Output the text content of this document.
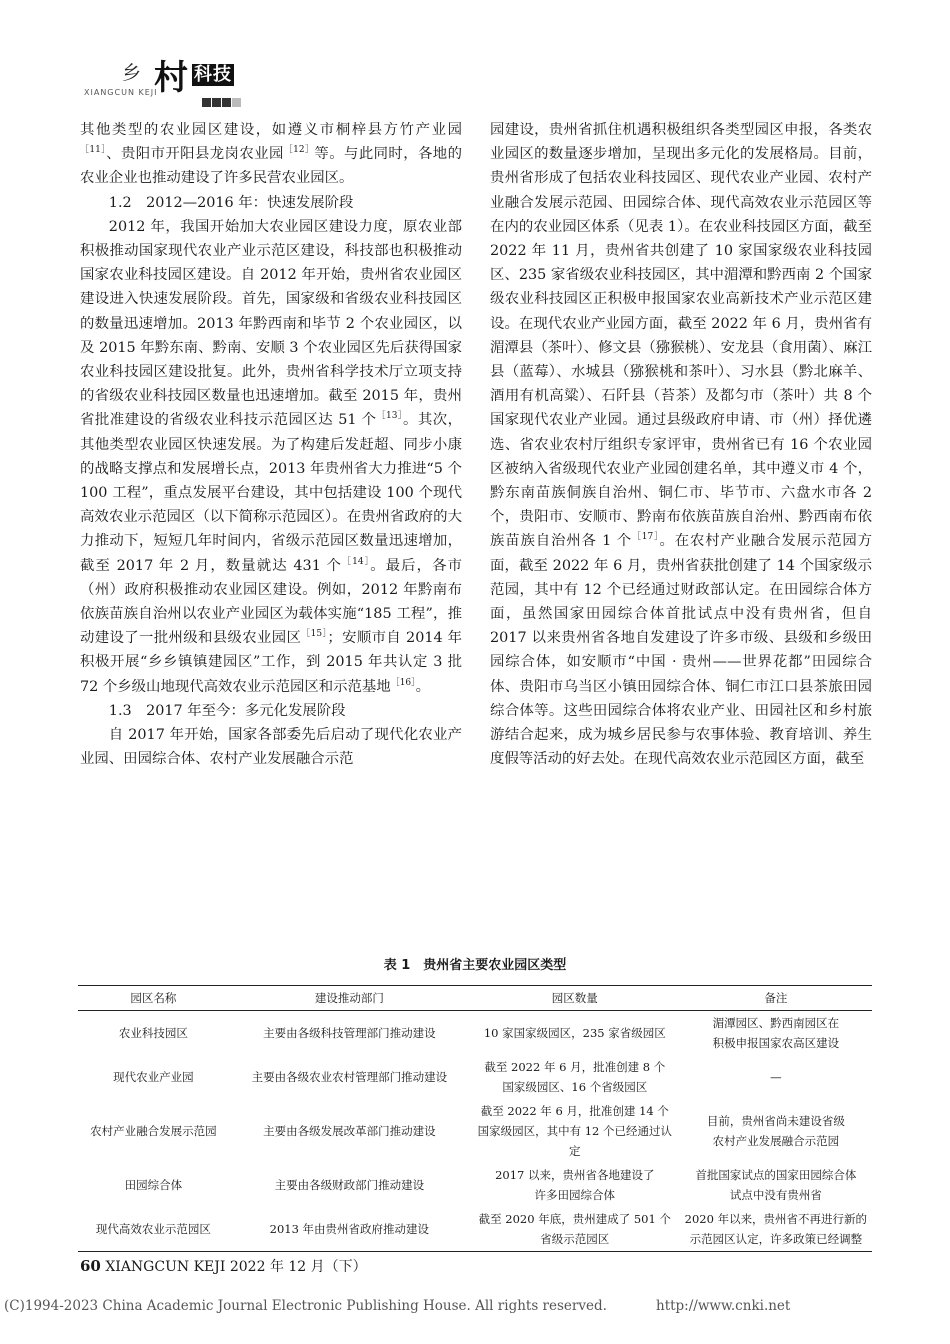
乡 村 科技
XIANGCUN KEJI

其他类型的农业园区建设，如遵义市桐梓县方竹产业园$^{[11]}$、贵阳市开阳县龙岗农业园$^{[12]}$等。与此同时，各地的农业企业也推动建设了许多民营农业园区。

1.2　2012—2016 年：快速发展阶段

2012 年，我国开始加大农业园区建设力度，原农业部积极推动国家现代农业产业示范区建设，科技部也积极推动国家农业科技园区建设。自 2012 年开始，贵州省农业园区建设进入快速发展阶段。首先，国家级和省级农业科技园区的数量迅速增加。2013 年黔西南和毕节 2 个农业园区，以及 2015 年黔东南、黔南、安顺 3 个农业园区先后获得国家农业科技园区建设批复。此外，贵州省科学技术厅立项支持的省级农业科技园区数量也迅速增加。截至 2015 年，贵州省批准建设的省级农业科技示范园区达 51 个$^{[13]}$。其次，其他类型农业园区快速发展。为了构建后发赶超、同步小康的战略支撑点和发展增长点，2013 年贵州省大力推进“5 个 100 工程”，重点发展平台建设，其中包括建设 100 个现代高效农业示范园区（以下简称示范园区）。在贵州省政府的大力推动下，短短几年时间内，省级示范园区数量迅速增加，截至 2017 年 2 月，数量就达 431 个$^{[14]}$。最后，各市（州）政府积极推动农业园区建设。例如，2012 年黔南布依族苗族自治州以农业产业园区为载体实施“185 工程”，推动建设了一批州级和县级农业园区$^{[15]}$；安顺市自 2014 年积极开展“乡乡镇镇建园区”工作，到 2015 年共认定 3 批 72 个乡级山地现代高效农业示范园区和示范基地$^{[16]}$。

1.3　2017 年至今：多元化发展阶段

自 2017 年开始，国家各部委先后启动了现代化农业产业园、田园综合体、农村产业发展融合示范

园建设，贵州省抓住机遇积极组织各类型园区申报，各类农业园区的数量逐步增加，呈现出多元化的发展格局。目前，贵州省形成了包括农业科技园区、现代农业产业园、农村产业融合发展示范园、田园综合体、现代高效农业示范园区等在内的农业园区体系（见表 1）。在农业科技园区方面，截至 2022 年 11 月，贵州省共创建了 10 家国家级农业科技园区、235 家省级农业科技园区，其中湄潭和黔西南 2 个国家级农业科技园区正积极申报国家农业高新技术产业示范区建设。在现代农业产业园方面，截至 2022 年 6 月，贵州省有湄潭县（茶叶）、修文县（猕猴桃）、安龙县（食用菌）、麻江县（蓝莓）、水城县（猕猴桃和茶叶）、习水县（黔北麻羊、酒用有机高粱）、石阡县（苔茶）及都匀市（茶叶）共 8 个国家现代农业产业园。通过县级政府申请、市（州）择优遴选、省农业农村厅组织专家评审，贵州省已有 16 个农业园区被纳入省级现代农业产业园创建名单，其中遵义市 4 个，黔东南苗族侗族自治州、铜仁市、毕节市、六盘水市各 2 个，贵阳市、安顺市、黔南布依族苗族自治州、黔西南布依族苗族自治州各 1 个$^{[17]}$。在农村产业融合发展示范园方面，截至 2022 年 6 月，贵州省获批创建了 14 个国家级示范园，其中有 12 个已经通过财政部认定。在田园综合体方面，虽然国家田园综合体首批试点中没有贵州省，但自 2017 以来贵州省各地自发建设了许多市级、县级和乡级田园综合体，如安顺市“中国 · 贵州——世界花都”田园综合体、贵阳市乌当区小镇田园综合体、铜仁市江口县茶旅田园综合体等。这些田园综合体将农业产业、田园社区和乡村旅游结合起来，成为城乡居民参与农事体验、教育培训、养生度假等活动的好去处。在现代高效农业示范园区方面，截至

表 1　贵州省主要农业园区类型
园区名称	建设推动部门	园区数量	备注
农业科技园区	主要由各级科技管理部门推动建设	10 家国家级园区，235 家省级园区	湄潭园区、黔西南园区在
积极申报国家农高区建设

现代农业产业园	主要由各级农业农村管理部门推动建设	截至 2022 年 6 月，批准创建 8 个
国家级园区、16 个省级园区	—

农村产业融合发展示范园	主要由各级发展改革部门推动建设	截至 2022 年 6 月，批准创建 14 个
国家级园区，其中有 12 个已经通过认定	目前，贵州省尚未建设省级
农村产业发展融合示范园

田园综合体	主要由各级财政部门推动建设	2017 以来，贵州省各地建设了
许多田园综合体	首批国家试点的国家田园综合体
试点中没有贵州省

现代高效农业示范园区	2013 年由贵州省政府推动建设	截至 2020 年底，贵州建成了 501 个
省级示范园区	2020 年以来，贵州省不再进行新的
示范园区认定，许多政策已经调整
60 XIANGCUN KEJI 2022 年 12 月（下）
(C)1994-2023 China Academic Journal Electronic Publishing House. All rights reserved.	http://www.cnki.net
